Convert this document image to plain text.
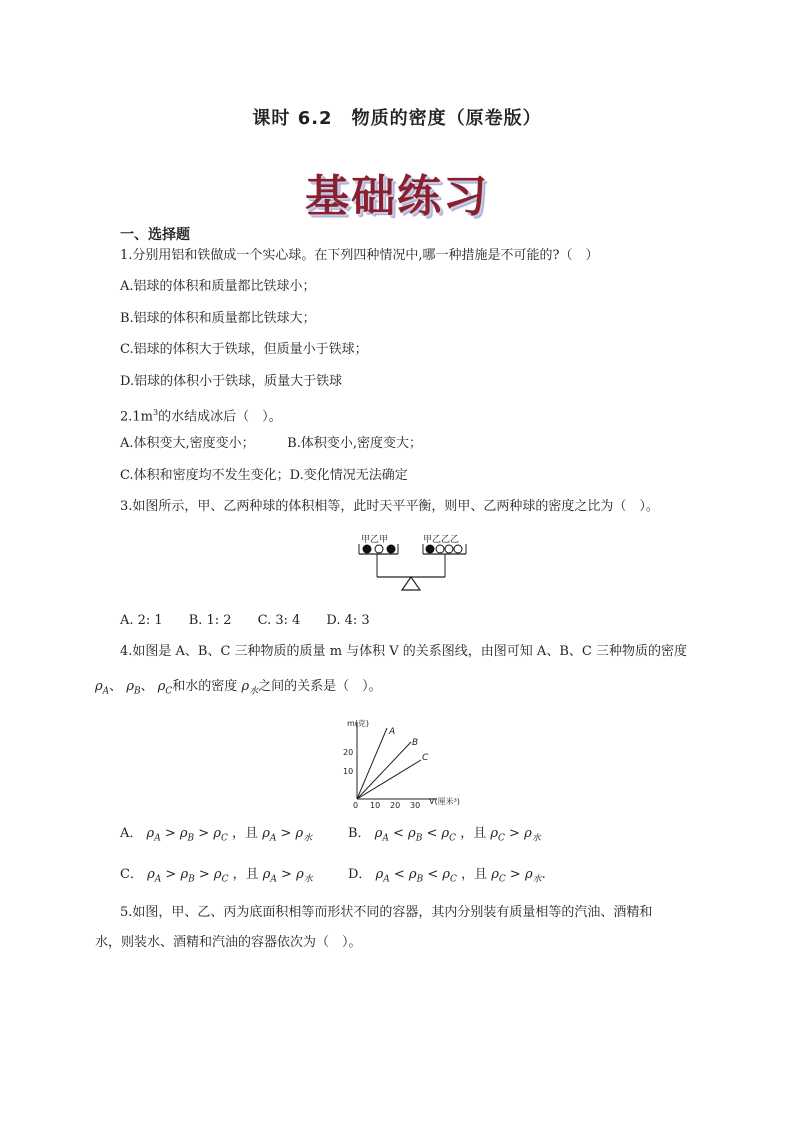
课时 6.2　物质的密度（原卷版）
基础练习
一、选择题
1.分别用铝和铁做成一个实心球。在下列四种情况中,哪一种措施是不可能的?（　）
A.铝球的体积和质量都比铁球小；
B.铝球的体积和质量都比铁球大；
C.铝球的体积大于铁球，但质量小于铁球；
D.铝球的体积小于铁球，质量大于铁球
$2.1m^3$的水结成冰后（　）。
A.体积变大,密度变小；　　　B.体积变小,密度变大；
C.体积和密度均不发生变化；D.变化情况无法确定
3.如图所示，甲、乙两种球的体积相等，此时天平平衡，则甲、乙两种球的密度之比为（　）。
甲乙甲	甲乙乙乙
A. 2: 1　　B. 1: 2　　C. 3: 4　　D. 4: 3
4.如图是 A、B、C 三种物质的质量 m 与体积 V 的关系图线，由图可知 A、B、C 三种物质的密度
$\rho_A$、 $\rho_B$、 $\rho_C$和水的密度 $\rho_水$之间的关系是（　）。
m(克)
V(厘米³)
0 10 20 30
10
20
A
B
C
A． $\rho_A > \rho_B > \rho_C$ ，且 $\rho_A > \rho_水$	B． $\rho_A < \rho_B < \rho_C$ ，且 $\rho_C > \rho_水$
C． $\rho_A > \rho_B > \rho_C$ ，且 $\rho_A > \rho_水$	D． $\rho_A < \rho_B < \rho_C$ ，且 $\rho_C > \rho_水$.
5.如图，甲、乙、丙为底面积相等而形状不同的容器，其内分别装有质量相等的汽油、酒精和
水，则装水、酒精和汽油的容器依次为（　）。
